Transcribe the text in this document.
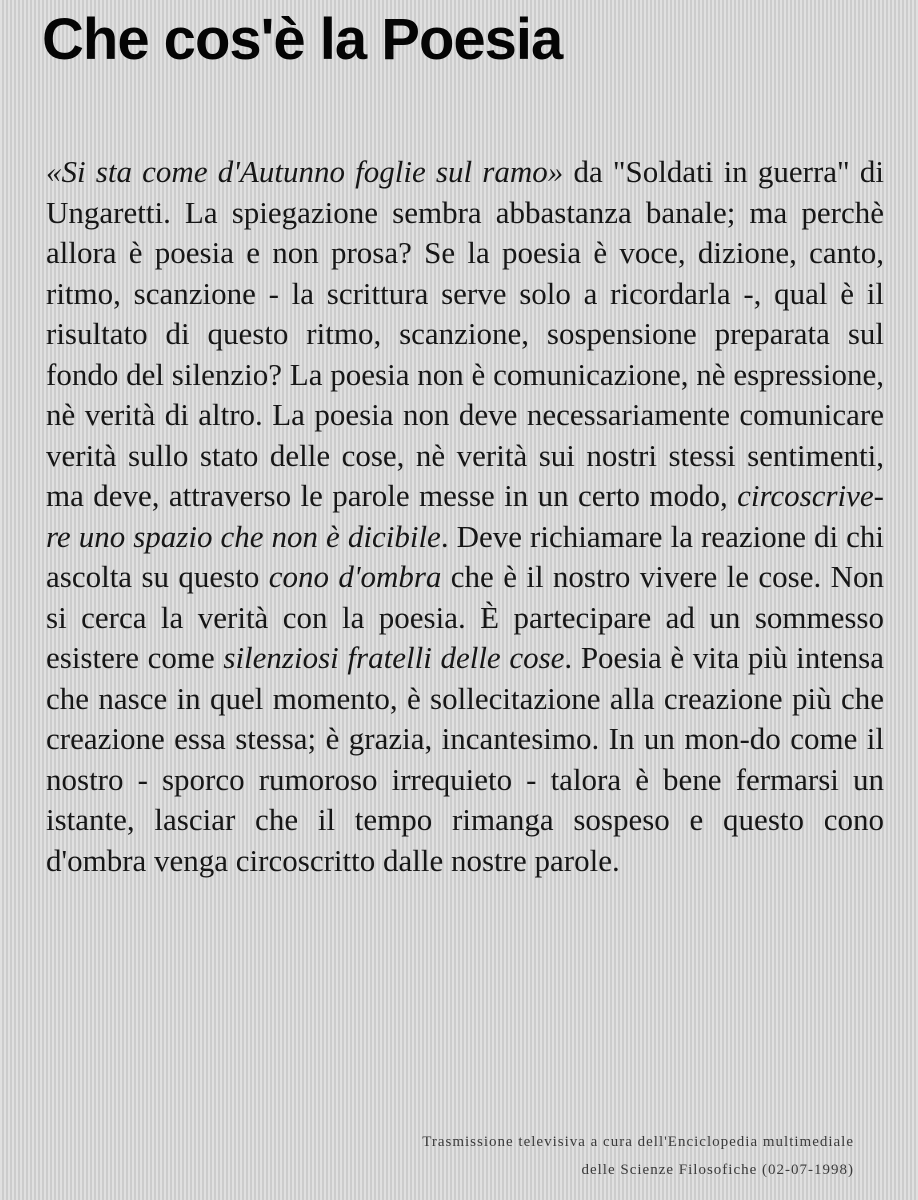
Che cos'è la Poesia

«Si sta come d'Autunno foglie sul ramo» da "Soldati in guerra" di Ungaretti. La spiegazione sembra abbastanza banale; ma perchè allora è poesia e non prosa? Se la poesia è voce, dizione, canto, ritmo, scanzione - la scrittura serve solo a ricordarla -, qual è il risultato di questo ritmo, scanzione, sospensione preparata sul fondo del silenzio? La poesia non è comunicazione, nè espressione, nè verità di altro. La poesia non deve necessariamente comunicare verità sullo stato delle cose, nè verità sui nostri stessi sentimenti, ma deve, attraverso le parole messe in un certo modo, circoscrive-re uno spazio che non è dicibile. Deve richiamare la reazione di chi ascolta su questo cono d'ombra che è il nostro vivere le cose. Non si cerca la verità con la poesia. È partecipare ad un sommesso esistere come silenziosi fratelli delle cose. Poesia è vita più intensa che nasce in quel momento, è sollecitazione alla creazione più che creazione essa stessa; è grazia, incantesimo. In un mon-do come il nostro - sporco rumoroso irrequieto - talora è bene fermarsi un istante, lasciar che il tempo rimanga sospeso e questo cono d'ombra venga circoscritto dalle nostre parole.

Trasmissione televisiva a cura dell'Enciclopedia multimediale
delle Scienze Filosofiche (02-07-1998)
